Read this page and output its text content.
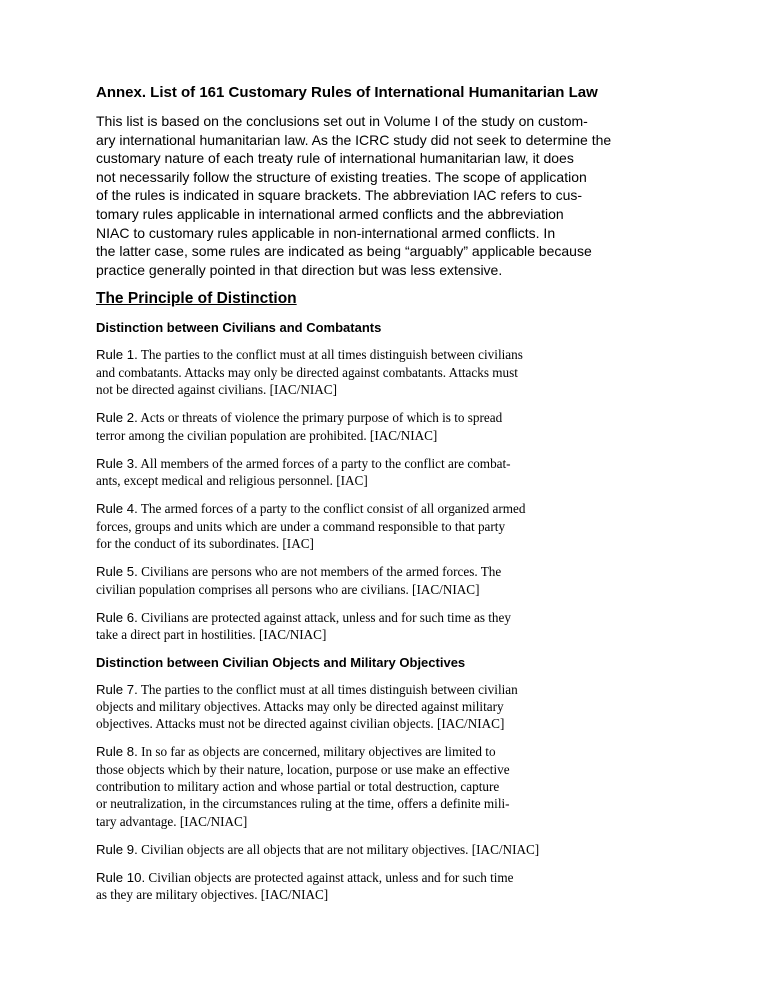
Annex. List of 161 Customary Rules of International Humanitarian Law

This list is based on the conclusions set out in Volume I of the study on custom-
ary international humanitarian law. As the ICRC study did not seek to determine the
customary nature of each treaty rule of international humanitarian law, it does
not necessarily follow the structure of existing treaties. The scope of application
of the rules is indicated in square brackets. The abbreviation IAC refers to cus-
tomary rules applicable in international armed conflicts and the abbreviation
NIAC to customary rules applicable in non-international armed conflicts. In
the latter case, some rules are indicated as being “arguably” applicable because
practice generally pointed in that direction but was less extensive.

The Principle of Distinction
Distinction between Civilians and Combatants

Rule 1. The parties to the conflict must at all times distinguish between civilians
and combatants. Attacks may only be directed against combatants. Attacks must
not be directed against civilians. [IAC/NIAC]

Rule 2. Acts or threats of violence the primary purpose of which is to spread
terror among the civilian population are prohibited. [IAC/NIAC]

Rule 3. All members of the armed forces of a party to the conflict are combat-
ants, except medical and religious personnel. [IAC]

Rule 4. The armed forces of a party to the conflict consist of all organized armed
forces, groups and units which are under a command responsible to that party
for the conduct of its subordinates. [IAC]

Rule 5. Civilians are persons who are not members of the armed forces. The
civilian population comprises all persons who are civilians. [IAC/NIAC]

Rule 6. Civilians are protected against attack, unless and for such time as they
take a direct part in hostilities. [IAC/NIAC]

Distinction between Civilian Objects and Military Objectives

Rule 7. The parties to the conflict must at all times distinguish between civilian
objects and military objectives. Attacks may only be directed against military
objectives. Attacks must not be directed against civilian objects. [IAC/NIAC]

Rule 8. In so far as objects are concerned, military objectives are limited to
those objects which by their nature, location, purpose or use make an effective
contribution to military action and whose partial or total destruction, capture
or neutralization, in the circumstances ruling at the time, offers a definite mili-
tary advantage. [IAC/NIAC]

Rule 9. Civilian objects are all objects that are not military objectives. [IAC/NIAC]

Rule 10. Civilian objects are protected against attack, unless and for such time
as they are military objectives. [IAC/NIAC]
